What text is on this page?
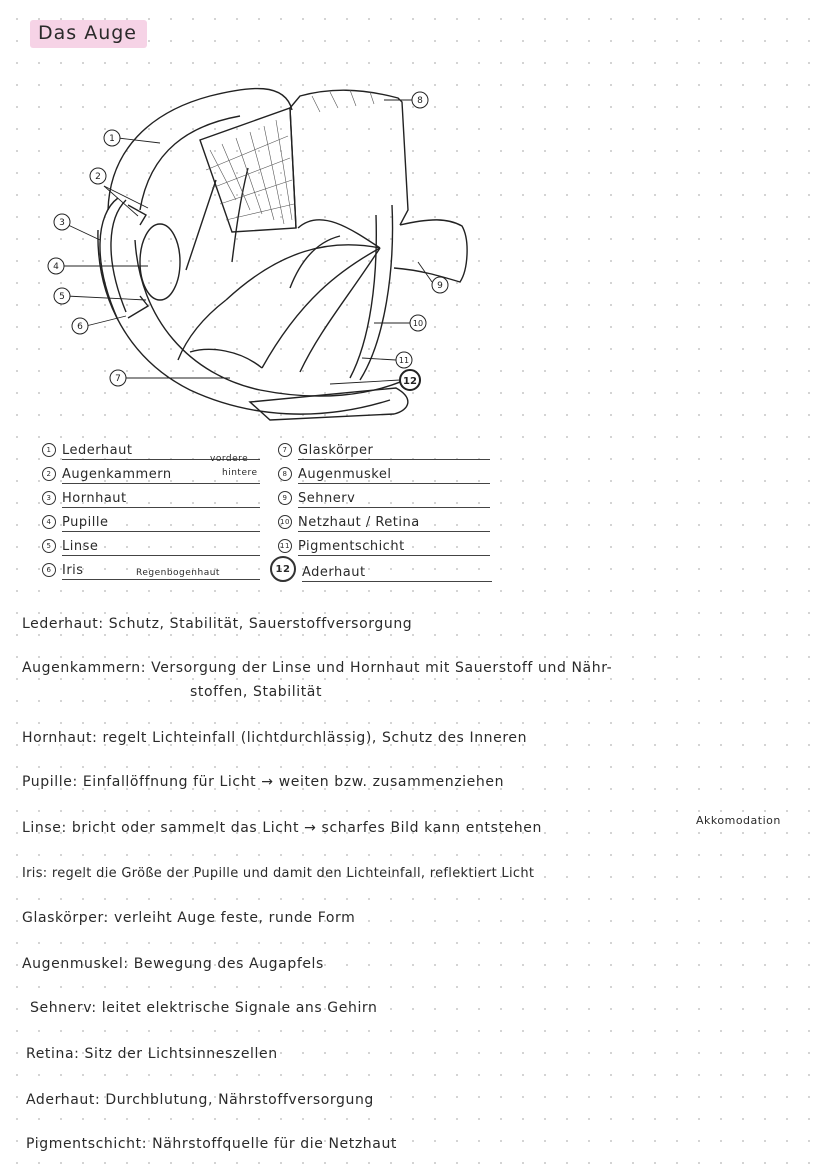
Das Auge
1
2
3
4
5
6
7
8
9
10
11
12
1 Lederhaut
2 Augenkammern
3 Hornhaut
4 Pupille
5 Linse
6 Iris
vordere
hintere
Regenbogenhaut
7 Glaskörper
8 Augenmuskel
9 Sehnerv
10 Netzhaut / Retina
11 Pigmentschicht
12 Aderhaut
Lederhaut: Schutz, Stabilität, Sauerstoffversorgung
Augenkammern: Versorgung der Linse und Hornhaut mit Sauerstoff und Nähr-
stoffen, Stabilität
Hornhaut: regelt Lichteinfall (lichtdurchlässig), Schutz des Inneren
Pupille: Einfallöffnung für Licht → weiten bzw. zusammenziehen
Linse: bricht oder sammelt das Licht → scharfes Bild kann entstehen	Akkomodation
Iris: regelt die Größe der Pupille und damit den Lichteinfall, reflektiert Licht
Glaskörper: verleiht Auge feste, runde Form
Augenmuskel: Bewegung des Augapfels
Sehnerv: leitet elektrische Signale ans Gehirn
Retina: Sitz der Lichtsinneszellen
Aderhaut: Durchblutung, Nährstoffversorgung
Pigmentschicht: Nährstoffquelle für die Netzhaut
